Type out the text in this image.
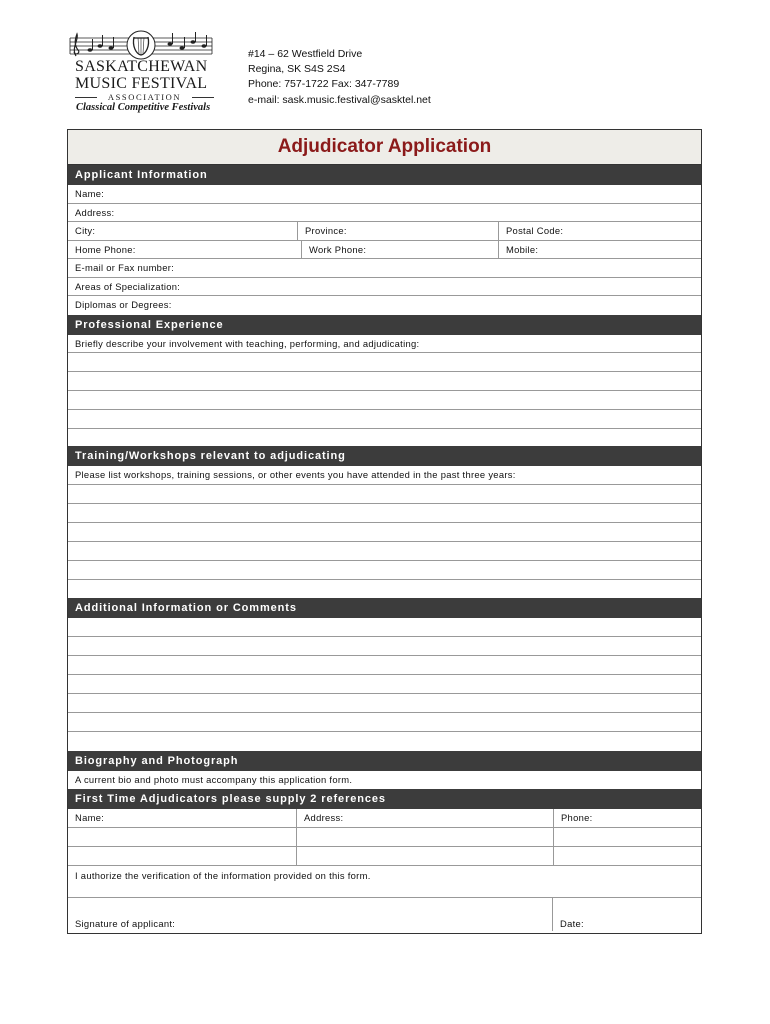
SASKATCHEWAN
MUSIC FESTIVAL
ASSOCIATION
Classical Competitive Festivals
#14 – 62 Westfield Drive
Regina, SK S4S 2S4
Phone: 757-1722 Fax: 347-7789
e-mail: sask.music.festival@sasktel.net
Adjudicator Application
Applicant Information
Name:
Address:
City:	Province:	Postal Code:
Home Phone:	Work Phone:	Mobile:
E-mail or Fax number:
Areas of Specialization:
Diplomas or Degrees:
Professional Experience
Briefly describe your involvement with teaching, performing, and adjudicating:
Training/Workshops relevant to adjudicating
Please list workshops, training sessions, or other events you have attended in the past three years:
Additional Information or Comments
Biography and Photograph
A current bio and photo must accompany this application form.
First Time Adjudicators please supply 2 references
Name:	Address:	Phone:
I authorize the verification of the information provided on this form.
Signature of applicant:	Date:
